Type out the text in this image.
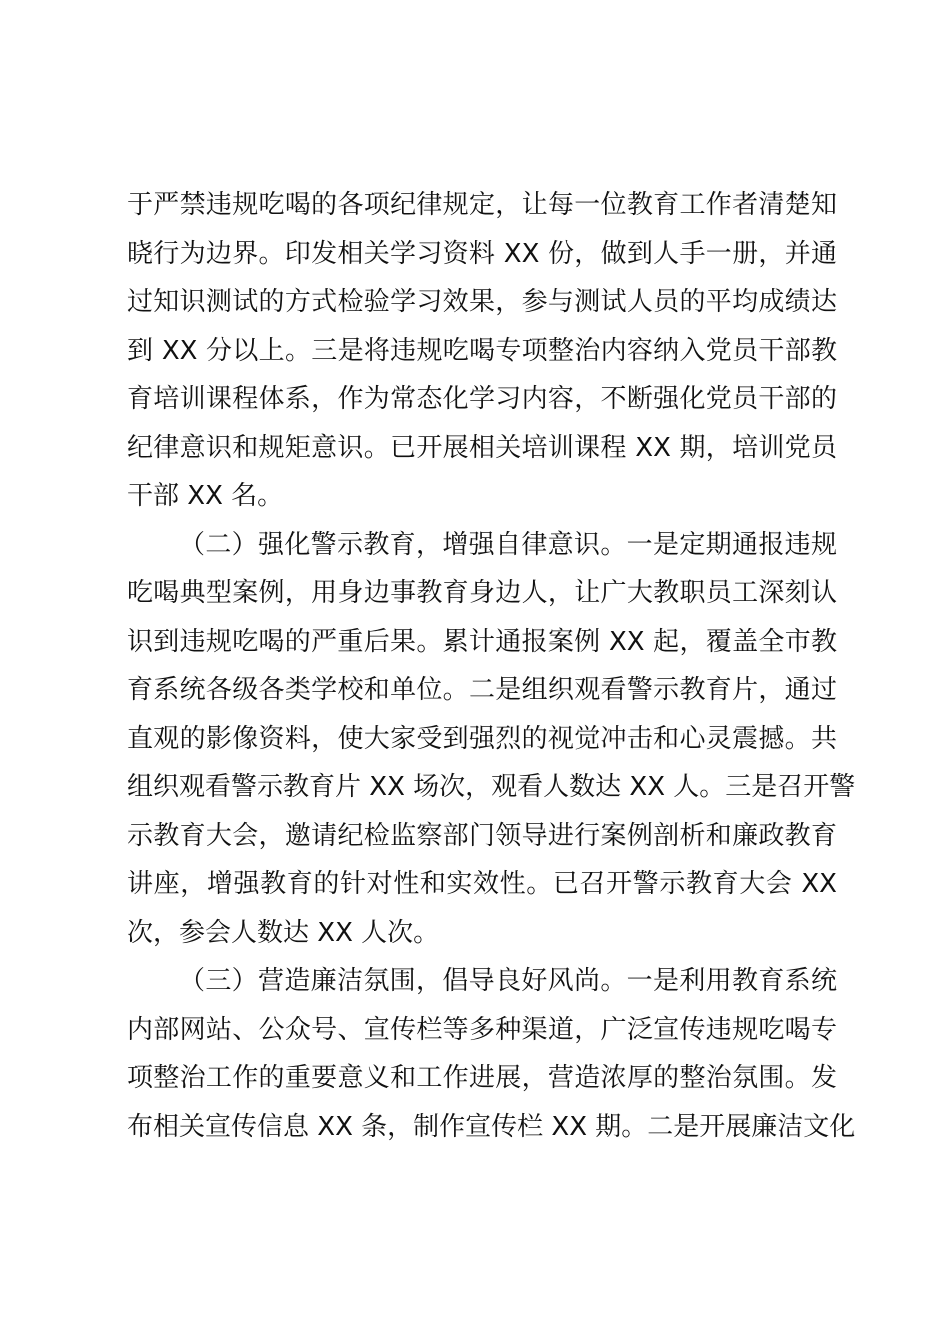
于严禁违规吃喝的各项纪律规定，让每一位教育工作者清楚知
晓行为边界。印发相关学习资料 XX 份，做到人手一册，并通
过知识测试的方式检验学习效果，参与测试人员的平均成绩达
到 XX 分以上。三是将违规吃喝专项整治内容纳入党员干部教
育培训课程体系，作为常态化学习内容，不断强化党员干部的
纪律意识和规矩意识。已开展相关培训课程 XX 期，培训党员
干部 XX 名。
（二）强化警示教育，增强自律意识。一是定期通报违规
吃喝典型案例，用身边事教育身边人，让广大教职员工深刻认
识到违规吃喝的严重后果。累计通报案例 XX 起，覆盖全市教
育系统各级各类学校和单位。二是组织观看警示教育片，通过
直观的影像资料，使大家受到强烈的视觉冲击和心灵震撼。共
组织观看警示教育片 XX 场次，观看人数达 XX 人。三是召开警
示教育大会，邀请纪检监察部门领导进行案例剖析和廉政教育
讲座，增强教育的针对性和实效性。已召开警示教育大会 XX
次，参会人数达 XX 人次。
（三）营造廉洁氛围，倡导良好风尚。一是利用教育系统
内部网站、公众号、宣传栏等多种渠道，广泛宣传违规吃喝专
项整治工作的重要意义和工作进展，营造浓厚的整治氛围。发
布相关宣传信息 XX 条，制作宣传栏 XX 期。二是开展廉洁文化
